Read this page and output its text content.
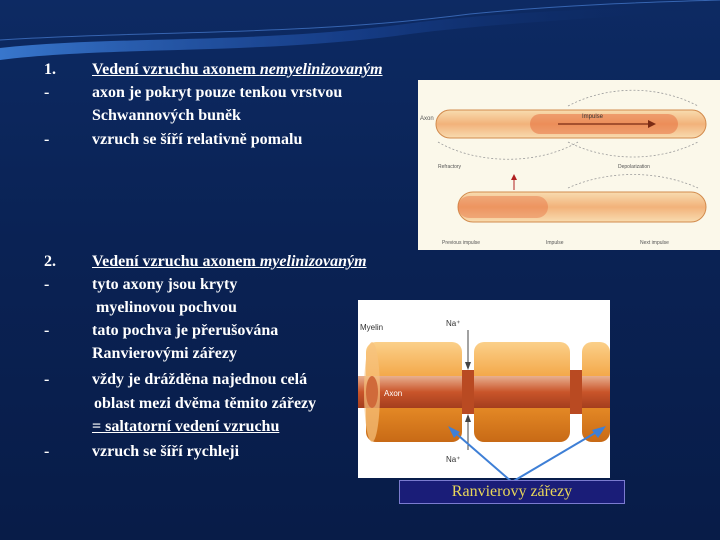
1. Vedení vzruchu axonem nemyelinizovaným
-	axon je pokryt pouze tenkou vrstvou
Schwannových buněk
-	vzruch se šíří relativně pomalu
2. Vedení vzruchu axonem myelinizovaným
-	tyto axony jsou kryty
myelinovou pochvou
-	tato pochva je přerušována
Ranvierovými zářezy
-	vždy je drážděna najednou celá
oblast mezi dvěma těmito zářezy
= saltatorní vedení vzruchu
-	vzruch se šíří rychleji
Axon	Impulse
Refractory	Depolarization
Previous impulse	Impulse	Next impulse
Myelin
Axon
Na⁺
Na⁺
Ranvierovy zářezy
